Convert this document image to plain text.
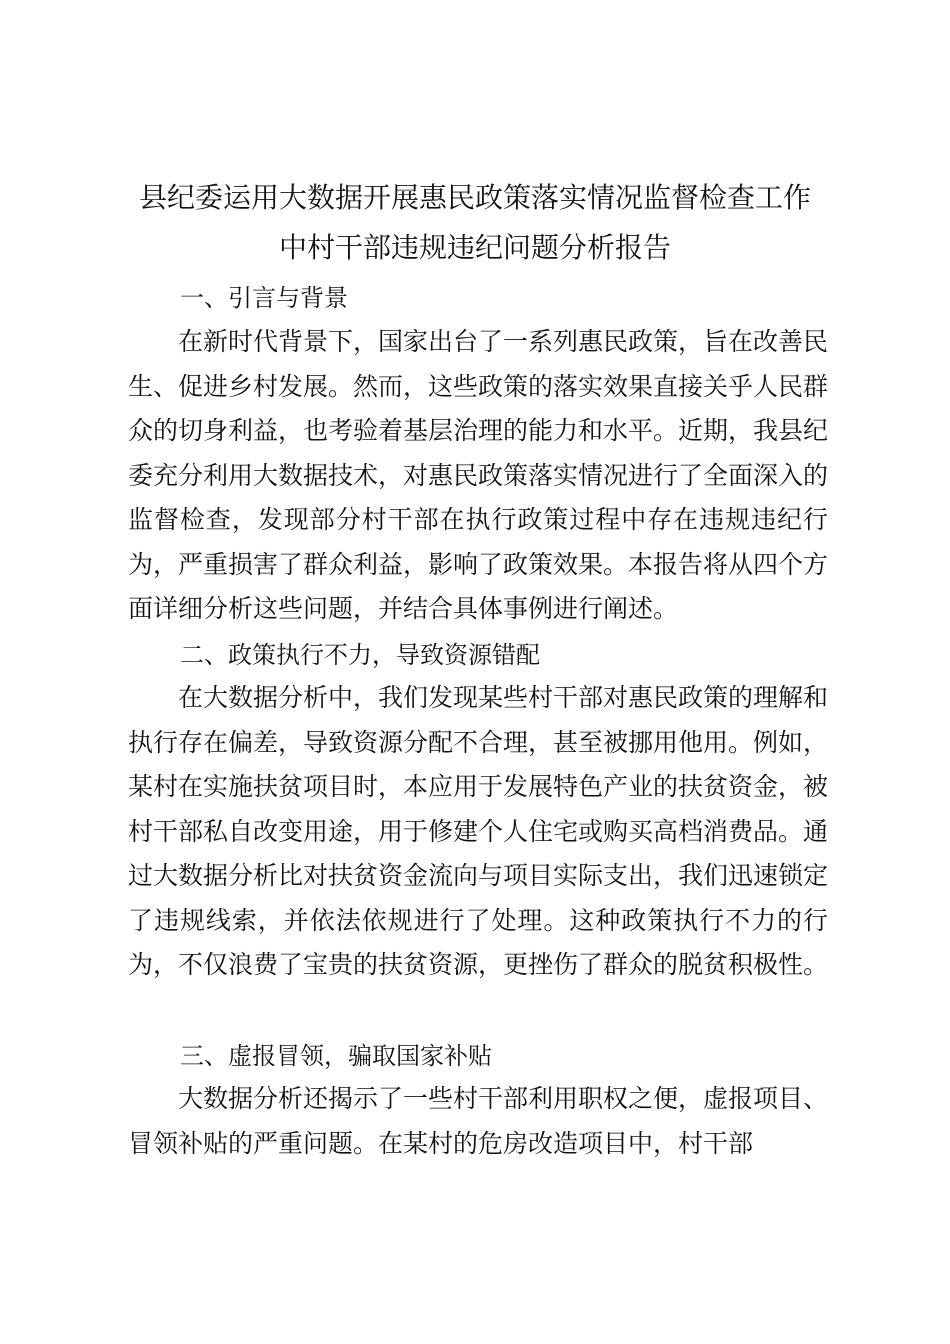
县纪委运用大数据开展惠民政策落实情况监督检查工作
中村干部违规违纪问题分析报告
一、引言与背景

在新时代背景下，国家出台了一系列惠民政策，旨在改善民生、促进乡村发展。然而，这些政策的落实效果直接关乎人民群众的切身利益，也考验着基层治理的能力和水平。近期，我县纪委充分利用大数据技术，对惠民政策落实情况进行了全面深入的监督检查，发现部分村干部在执行政策过程中存在违规违纪行为，严重损害了群众利益，影响了政策效果。本报告将从四个方面详细分析这些问题，并结合具体事例进行阐述。

二、政策执行不力，导致资源错配

在大数据分析中，我们发现某些村干部对惠民政策的理解和执行存在偏差，导致资源分配不合理，甚至被挪用他用。例如，某村在实施扶贫项目时，本应用于发展特色产业的扶贫资金，被村干部私自改变用途，用于修建个人住宅或购买高档消费品。通过大数据分析比对扶贫资金流向与项目实际支出，我们迅速锁定了违规线索，并依法依规进行了处理。这种政策执行不力的行为，不仅浪费了宝贵的扶贫资源，更挫伤了群众的脱贫积极性。

三、虚报冒领，骗取国家补贴

大数据分析还揭示了一些村干部利用职权之便，虚报项目、冒领补贴的严重问题。在某村的危房改造项目中，村干部
